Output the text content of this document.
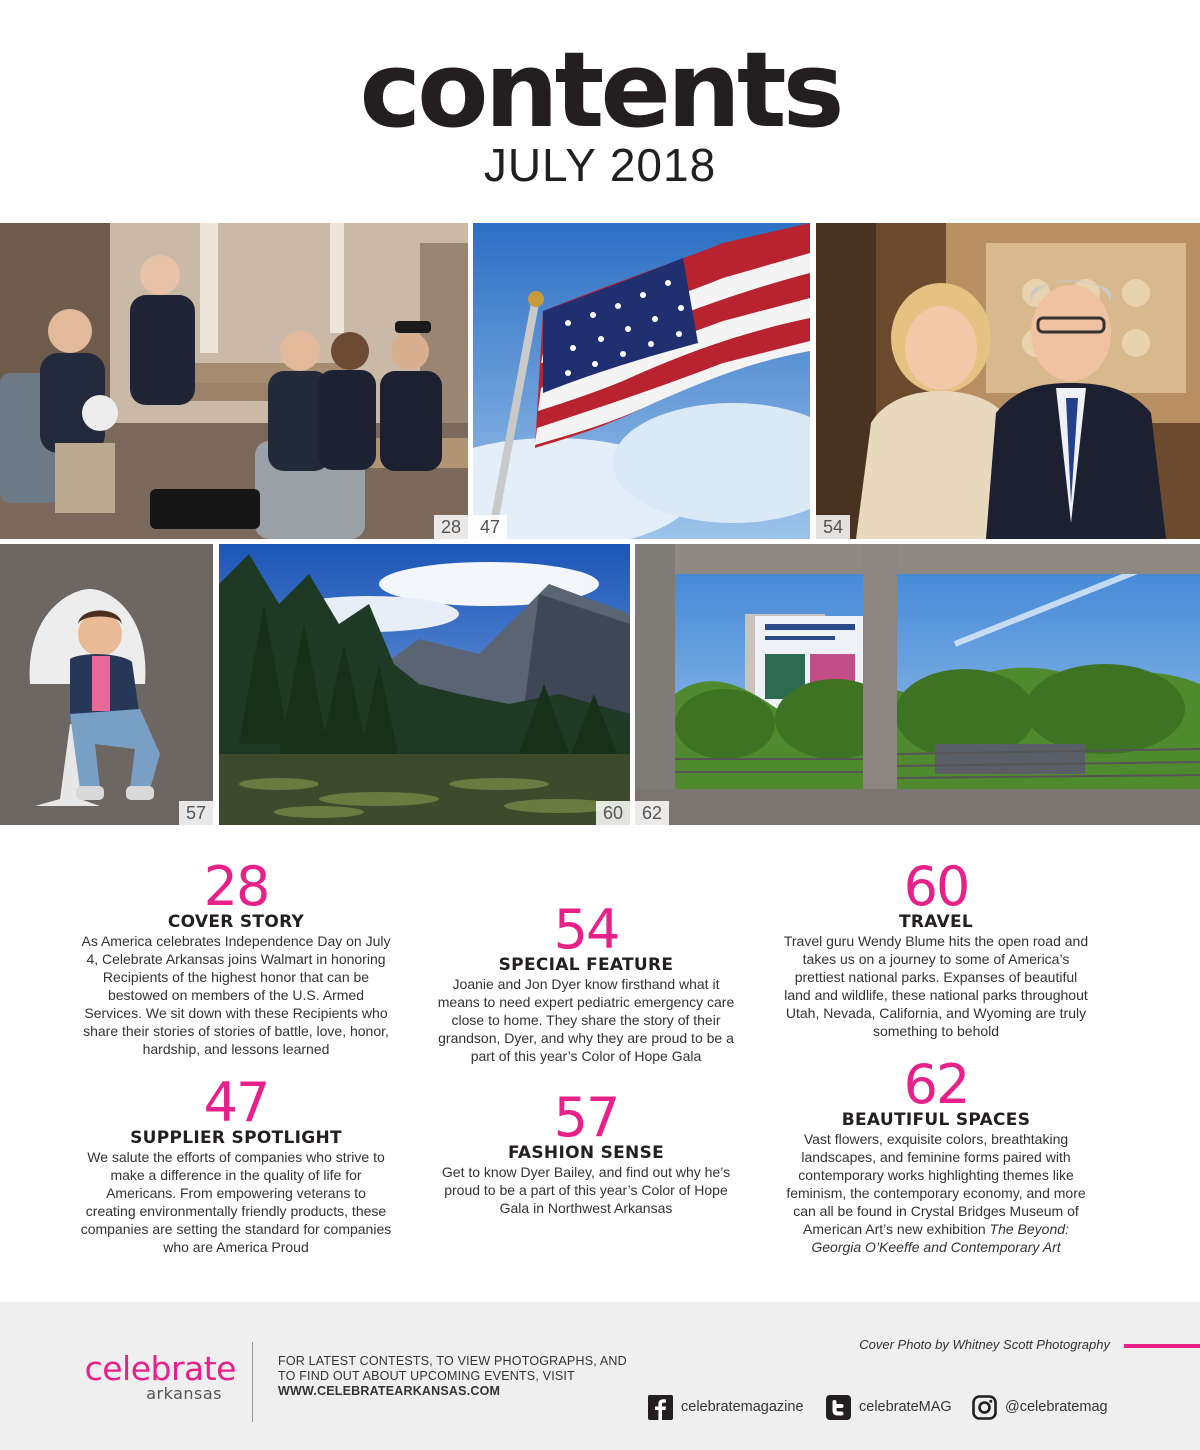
contents
JULY 2018
28	47	54
57	60	62
28
COVER STORY
As America celebrates Independence Day on July 4, Celebrate Arkansas joins Walmart in honoring Recipients of the highest honor that can be bestowed on members of the U.S. Armed Services. We sit down with these Recipients who share their stories of stories of battle, love, honor, hardship, and lessons learned
47
SUPPLIER SPOTLIGHT
We salute the efforts of companies who strive to make a difference in the quality of life for Americans. From empowering veterans to creating environmentally friendly products, these companies are setting the standard for companies who are America Proud
54
SPECIAL FEATURE
Joanie and Jon Dyer know firsthand what it means to need expert pediatric emergency care close to home. They share the story of their grandson, Dyer, and why they are proud to be a part of this year’s Color of Hope Gala
57
FASHION SENSE
Get to know Dyer Bailey, and find out why he’s proud to be a part of this year’s Color of Hope Gala in Northwest Arkansas
60
TRAVEL
Travel guru Wendy Blume hits the open road and takes us on a journey to some of America’s prettiest national parks. Expanses of beautiful land and wildlife, these national parks throughout Utah, Nevada, California, and Wyoming are truly something to behold
62
BEAUTIFUL SPACES
Vast flowers, exquisite colors, breathtaking landscapes, and feminine forms paired with contemporary works highlighting themes like feminism, the contemporary economy, and more can all be found in Crystal Bridges Museum of American Art’s new exhibition The Beyond: Georgia O’Keeffe and Contemporary Art
celebrate
arkansas
FOR LATEST CONTESTS, TO VIEW PHOTOGRAPHS, AND TO FIND OUT ABOUT UPCOMING EVENTS, VISIT
WWW.CELEBRATEARKANSAS.COM
Cover Photo by Whitney Scott Photography
celebratemagazine	celebrateMAG	@celebratemag
